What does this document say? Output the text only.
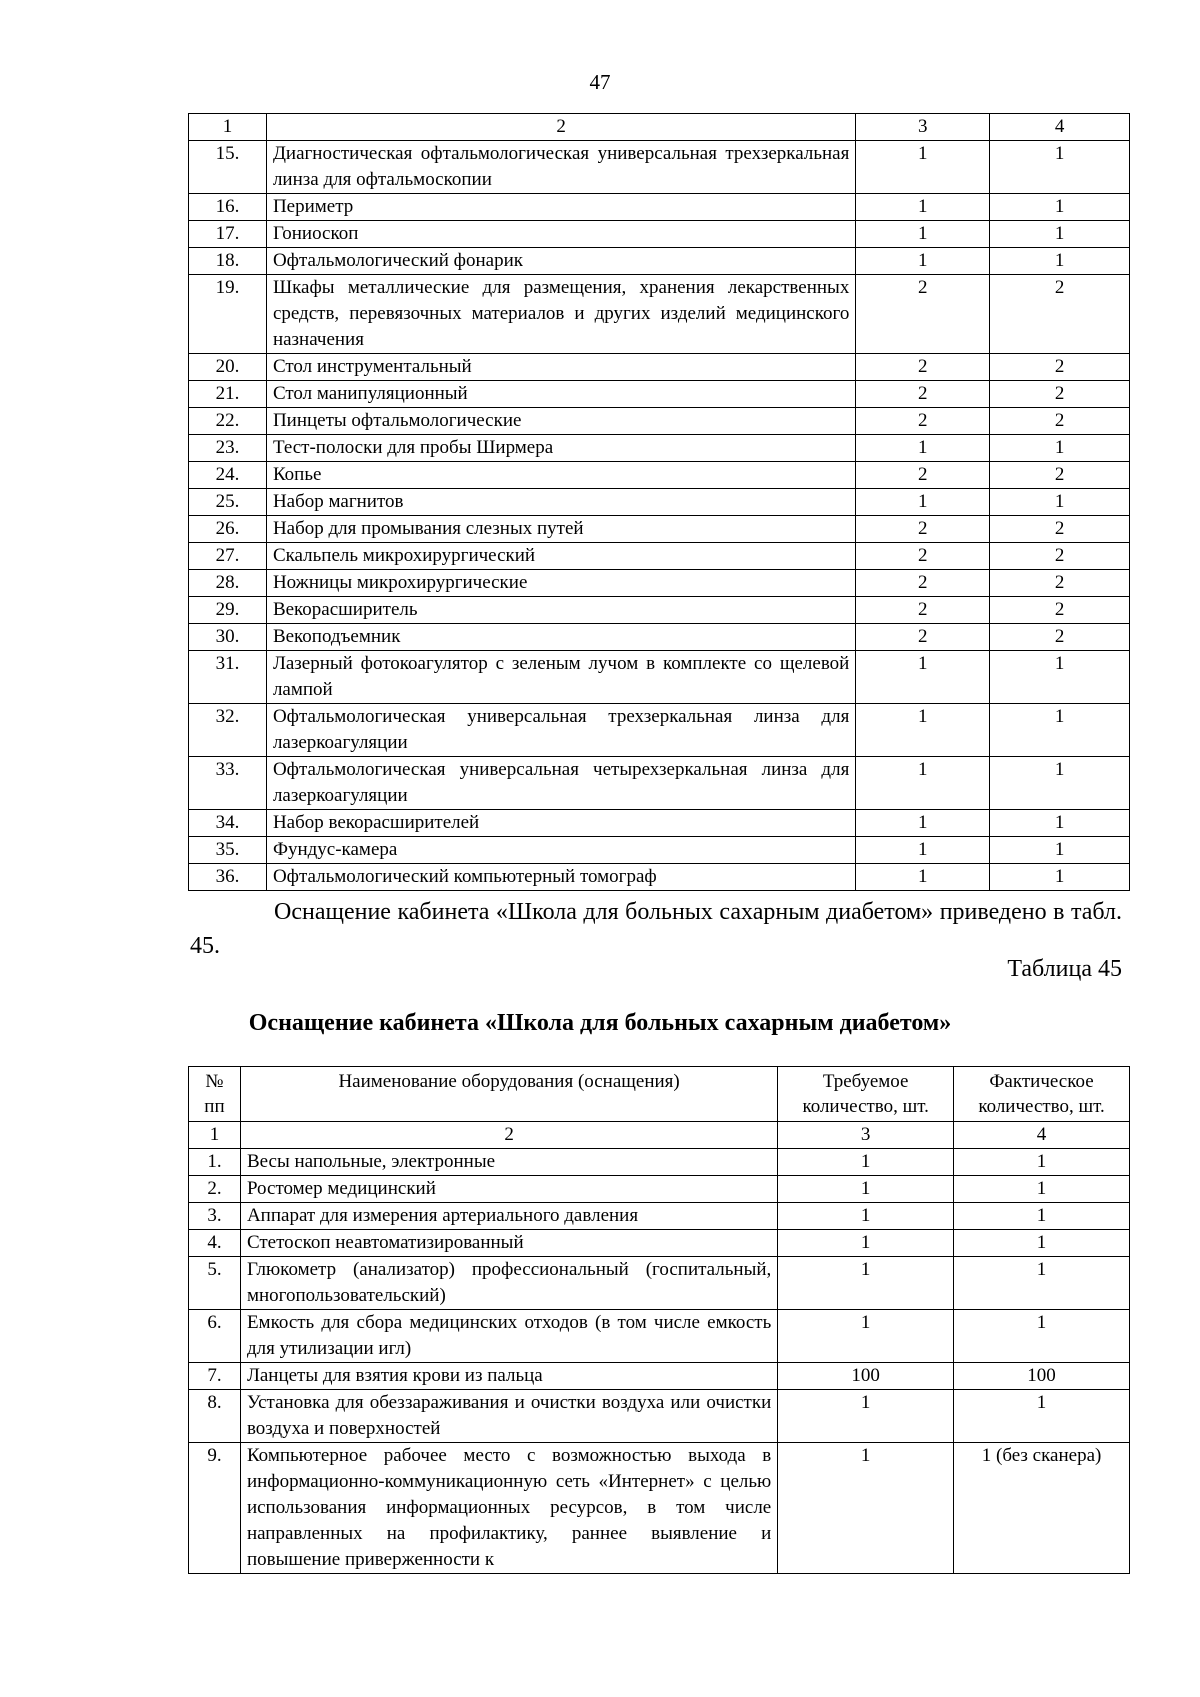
47
1	2	3	4
15.	Диагностическая офтальмологическая универсальная трехзеркальная линза для офтальмоскопии	1	1
16.	Периметр	1	1
17.	Гониоскоп	1	1
18.	Офтальмологический фонарик	1	1
19.	Шкафы металлические для размещения, хранения лекарственных средств, перевязочных материалов и других изделий медицинского назначения	2	2
20.	Стол инструментальный	2	2
21.	Стол манипуляционный	2	2
22.	Пинцеты офтальмологические	2	2
23.	Тест-полоски для пробы Ширмера	1	1
24.	Копье	2	2
25.	Набор магнитов	1	1
26.	Набор для промывания слезных путей	2	2
27.	Скальпель микрохирургический	2	2
28.	Ножницы микрохирургические	2	2
29.	Векорасширитель	2	2
30.	Векоподъемник	2	2
31.	Лазерный фотокоагулятор с зеленым лучом в комплекте со щелевой лампой	1	1
32.	Офтальмологическая универсальная трехзеркальная линза для лазеркоагуляции	1	1
33.	Офтальмологическая универсальная четырехзеркальная линза для лазеркоагуляции	1	1
34.	Набор векорасширителей	1	1
35.	Фундус-камера	1	1
36.	Офтальмологический компьютерный томограф	1	1
Оснащение кабинета «Школа для больных сахарным диабетом» приведено в табл. 45.
Таблица 45
Оснащение кабинета «Школа для больных сахарным диабетом»
№ пп	Наименование оборудования (оснащения)	Требуемое количество, шт.	Фактическое количество, шт.
1	2	3	4
1.	Весы напольные, электронные	1	1
2.	Ростомер медицинский	1	1
3.	Аппарат для измерения артериального давления	1	1
4.	Стетоскоп неавтоматизированный	1	1
5.	Глюкометр (анализатор) профессиональный (госпитальный, многопользовательский)	1	1
6.	Емкость для сбора медицинских отходов (в том числе емкость для утилизации игл)	1	1
7.	Ланцеты для взятия крови из пальца	100	100
8.	Установка для обеззараживания и очистки воздуха или очистки воздуха и поверхностей	1	1
9.	Компьютерное рабочее место с возможностью выхода в информационно-коммуникационную сеть «Интернет» с целью использования информационных ресурсов, в том числе направленных на профилактику, раннее выявление и повышение приверженности к	1	1 (без сканера)
